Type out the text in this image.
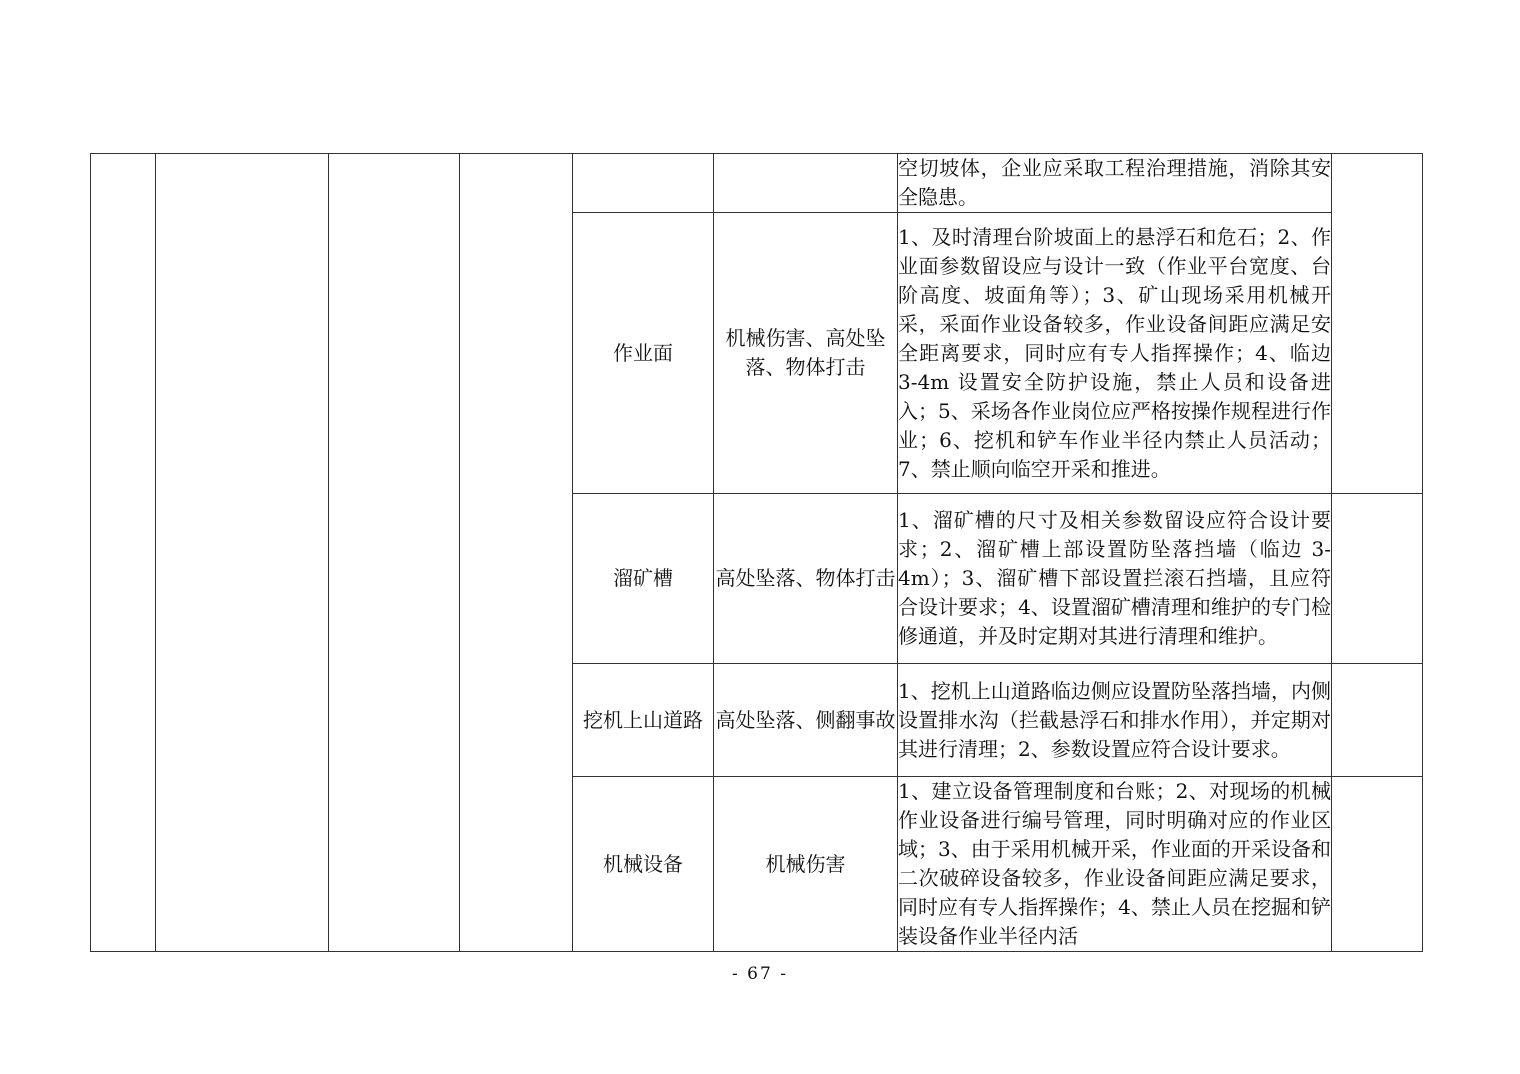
						空切坡体，企业应采取工程治理措施，消除其安全隐患。	
				作业面	机械伤害、高处坠落、物体打击	1、及时清理台阶坡面上的悬浮石和危石；2、作业面参数留设应与设计一致（作业平台宽度、台阶高度、坡面角等）；3、矿山现场采用机械开采，采面作业设备较多，作业设备间距应满足安全距离要求，同时应有专人指挥操作；4、临边 3-4m 设置安全防护设施，禁止人员和设备进入；5、采场各作业岗位应严格按操作规程进行作业；6、挖机和铲车作业半径内禁止人员活动；7、禁止顺向临空开采和推进。	
				溜矿槽	高处坠落、物体打击	1、溜矿槽的尺寸及相关参数留设应符合设计要求；2、溜矿槽上部设置防坠落挡墙（临边 3-4m）；3、溜矿槽下部设置拦滚石挡墙，且应符合设计要求；4、设置溜矿槽清理和维护的专门检修通道，并及时定期对其进行清理和维护。	
				挖机上山道路	高处坠落、侧翻事故	1、挖机上山道路临边侧应设置防坠落挡墙，内侧设置排水沟（拦截悬浮石和排水作用），并定期对其进行清理；2、参数设置应符合设计要求。	
				机械设备	机械伤害	1、建立设备管理制度和台账；2、对现场的机械作业设备进行编号管理，同时明确对应的作业区域；3、由于采用机械开采，作业面的开采设备和二次破碎设备较多，作业设备间距应满足要求，同时应有专人指挥操作；4、禁止人员在挖掘和铲装设备作业半径内活	
- 67 -
